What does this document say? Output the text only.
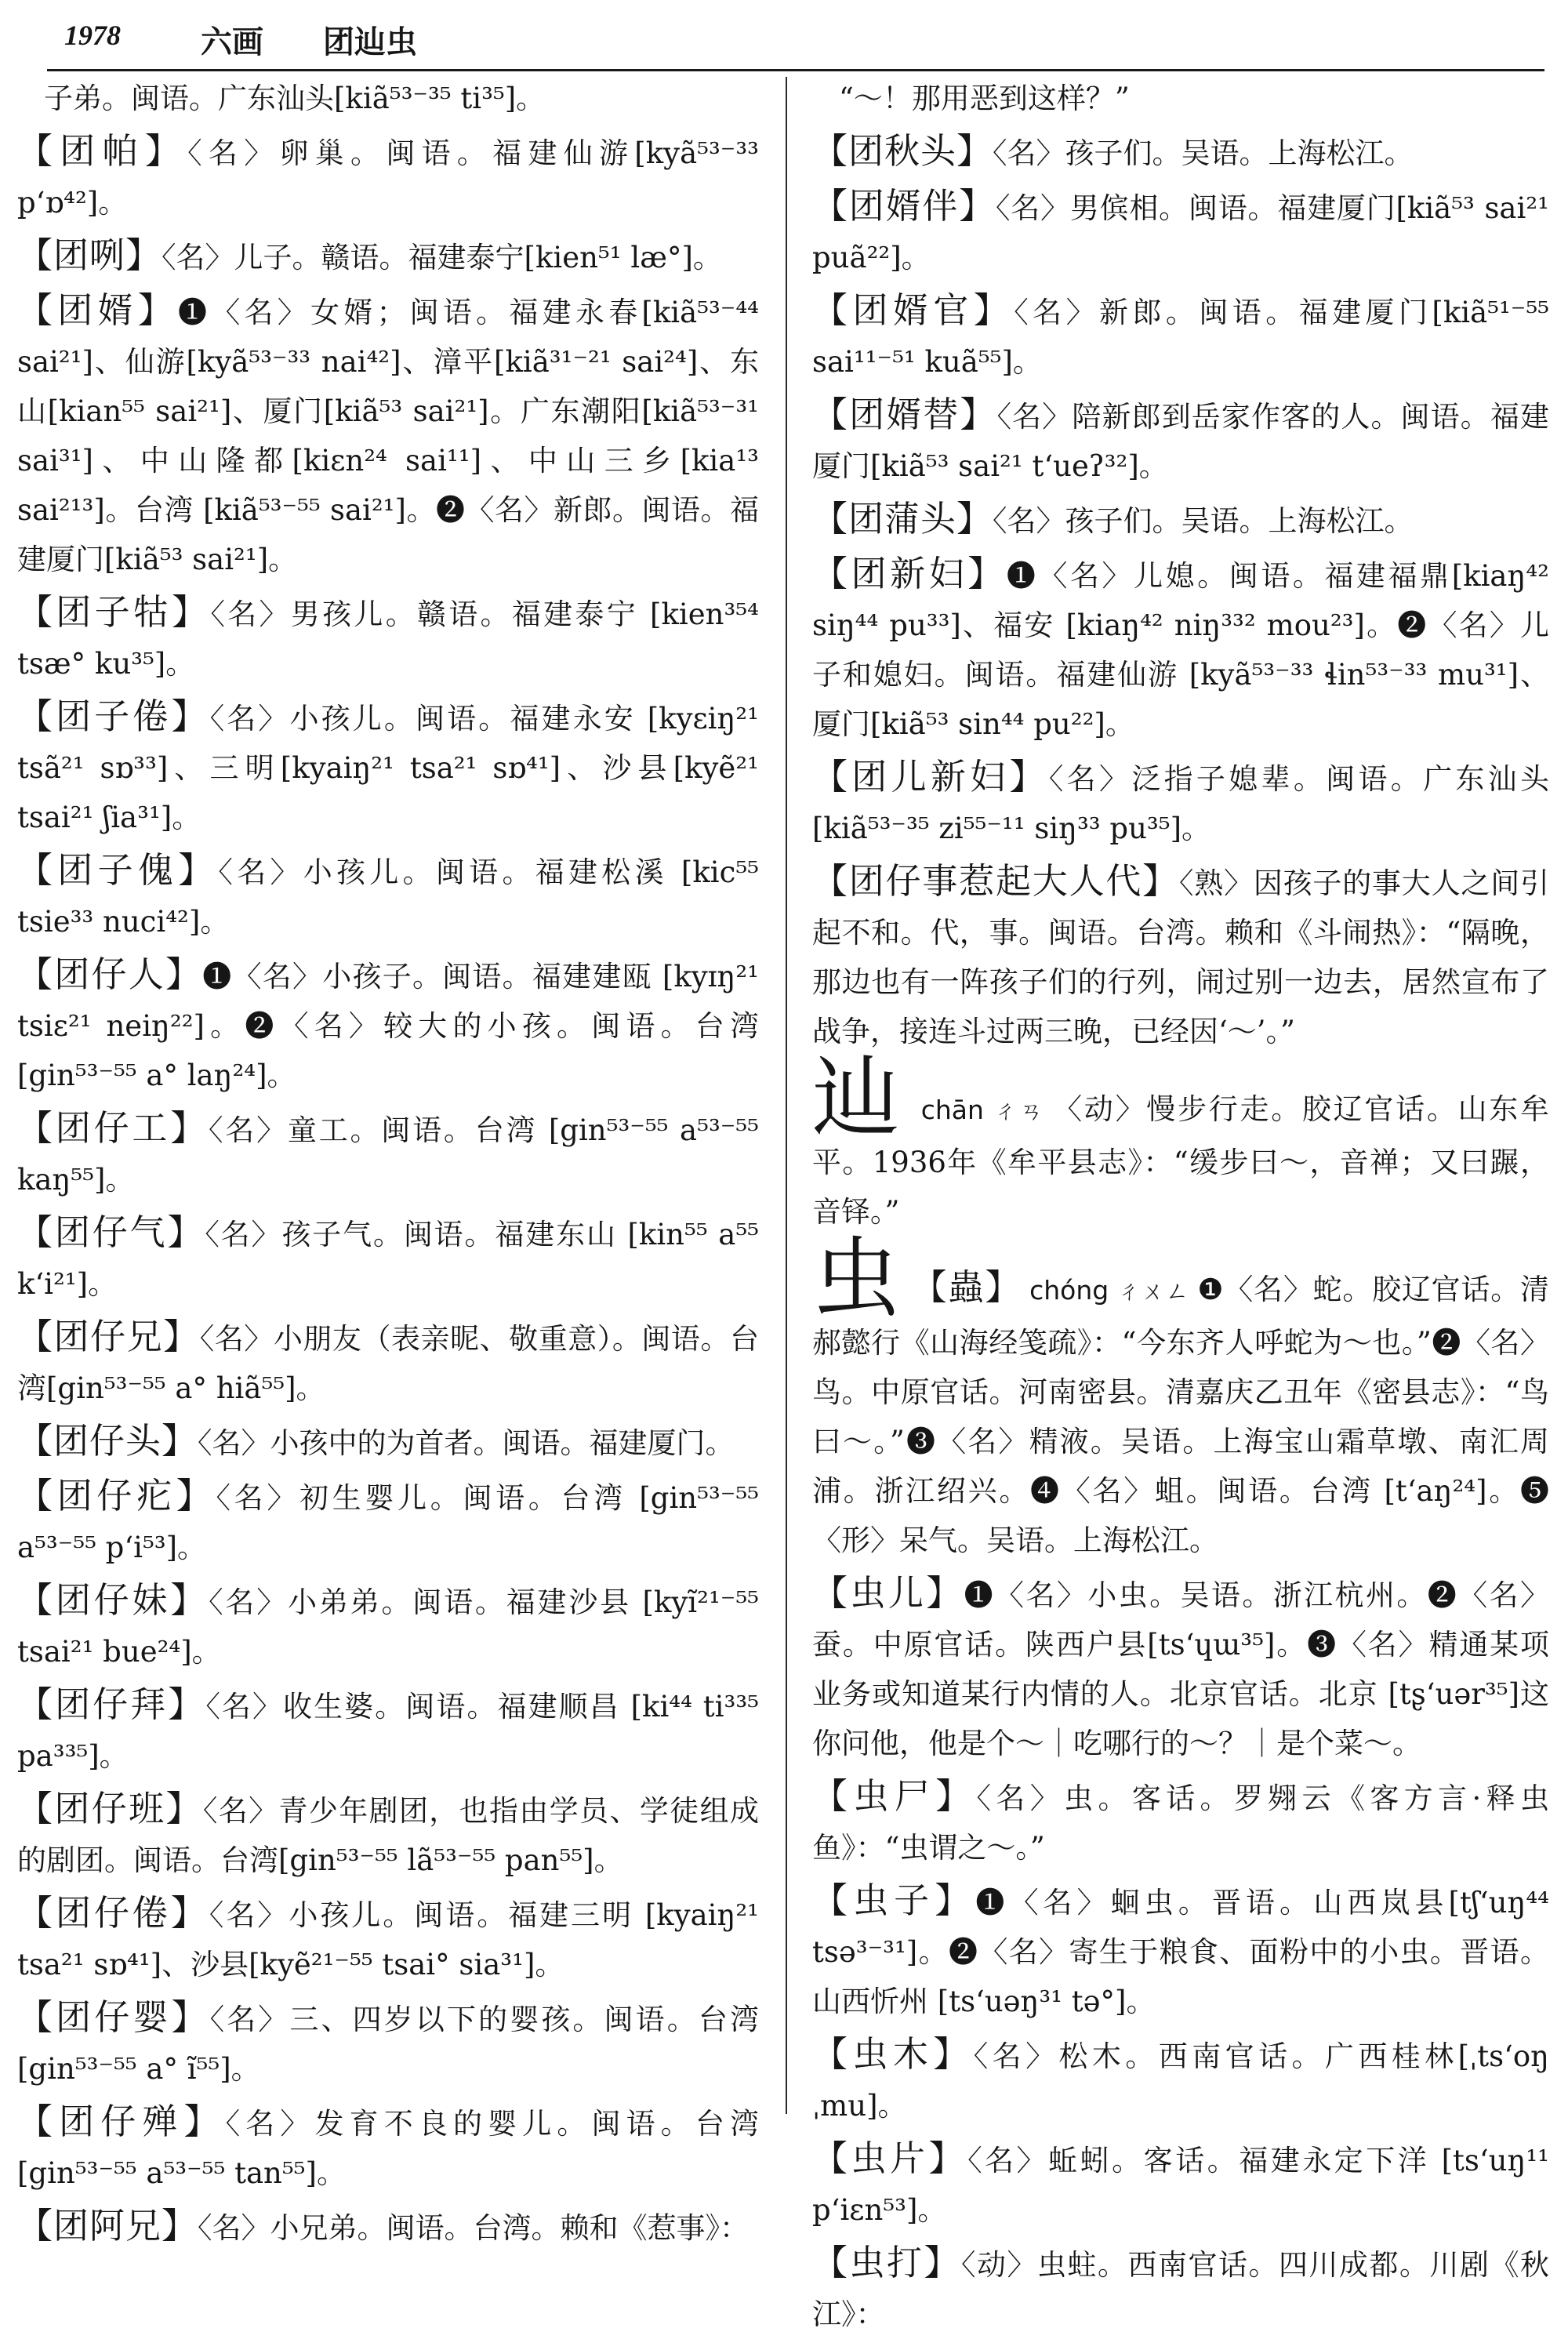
1978	六画 团辿虫
子弟。闽语。广东汕头[kiã⁵³⁻³⁵ ti³⁵]。
【团帕】〈名〉卵巢。闽语。福建仙游[kyã⁵³⁻³³ pʻɒ⁴²]。
【团咧】〈名〉儿子。赣语。福建泰宁[kien⁵¹ læ°]。
【团婿】❶〈名〉女婿；闽语。福建永春[kiã⁵³⁻⁴⁴ sai²¹]、仙游[kyã⁵³⁻³³ nai⁴²]、漳平[kiã³¹⁻²¹ sai²⁴]、东山[kian⁵⁵ sai²¹]、厦门[kiã⁵³ sai²¹]。广东潮阳[kiã⁵³⁻³¹ sai³¹]、中山隆都[kiɛn²⁴ sai¹¹]、中山三乡[kia¹³ sai²¹³]。台湾 [kiã⁵³⁻⁵⁵ sai²¹]。❷〈名〉新郎。闽语。福建厦门[kiã⁵³ sai²¹]。
【团子牯】〈名〉男孩儿。赣语。福建泰宁 [kien³⁵⁴ tsæ° ku³⁵]。
【团子倦】〈名〉小孩儿。闽语。福建永安 [kyɛiŋ²¹ tsã²¹ sɒ³³]、三明[kyaiŋ²¹ tsa²¹ sɒ⁴¹]、沙县[kyẽ²¹ tsai²¹ ʃia³¹]。
【团子傀】〈名〉小孩儿。闽语。福建松溪 [kic⁵⁵ tsie³³ nuci⁴²]。
【团仔人】❶〈名〉小孩子。闽语。福建建瓯 [kyɪŋ²¹ tsiɛ²¹ neiŋ²²]。❷〈名〉较大的小孩。闽语。台湾 [gin⁵³⁻⁵⁵ a° laŋ²⁴]。
【团仔工】〈名〉童工。闽语。台湾 [gin⁵³⁻⁵⁵ a⁵³⁻⁵⁵ kaŋ⁵⁵]。
【团仔气】〈名〉孩子气。闽语。福建东山 [kin⁵⁵ a⁵⁵ kʻi²¹]。
【团仔兄】〈名〉小朋友（表亲昵、敬重意）。闽语。台湾[gin⁵³⁻⁵⁵ a° hiã⁵⁵]。
【团仔头】〈名〉小孩中的为首者。闽语。福建厦门。
【团仔疕】〈名〉初生婴儿。闽语。台湾 [gin⁵³⁻⁵⁵ a⁵³⁻⁵⁵ pʻi⁵³]。
【团仔妹】〈名〉小弟弟。闽语。福建沙县 [kyĩ²¹⁻⁵⁵ tsai²¹ bue²⁴]。
【团仔拜】〈名〉收生婆。闽语。福建顺昌 [ki⁴⁴ ti³³⁵ pa³³⁵]。
【团仔班】〈名〉青少年剧团，也指由学员、学徒组成的剧团。闽语。台湾[gin⁵³⁻⁵⁵ lã⁵³⁻⁵⁵ pan⁵⁵]。
【团仔倦】〈名〉小孩儿。闽语。福建三明 [kyaiŋ²¹ tsa²¹ sɒ⁴¹]、沙县[kyẽ²¹⁻⁵⁵ tsai° sia³¹]。
【团仔婴】〈名〉三、四岁以下的婴孩。闽语。台湾 [gin⁵³⁻⁵⁵ a° ĩ⁵⁵]。
【团仔殚】〈名〉发育不良的婴儿。闽语。台湾 [gin⁵³⁻⁵⁵ a⁵³⁻⁵⁵ tan⁵⁵]。
【团阿兄】〈名〉小兄弟。闽语。台湾。赖和《惹事》：
“～！那用恶到这样？”
【团秋头】〈名〉孩子们。吴语。上海松江。
【团婿伴】〈名〉男傧相。闽语。福建厦门[kiã⁵³ sai²¹ puã²²]。
【团婿官】〈名〉新郎。闽语。福建厦门[kiã⁵¹⁻⁵⁵ sai¹¹⁻⁵¹ kuã⁵⁵]。
【团婿替】〈名〉陪新郎到岳家作客的人。闽语。福建厦门[kiã⁵³ sai²¹ tʻueʔ³²]。
【团蒲头】〈名〉孩子们。吴语。上海松江。
【团新妇】❶〈名〉儿媳。闽语。福建福鼎[kiaŋ⁴² siŋ⁴⁴ pu³³]、福安 [kiaŋ⁴² niŋ³³² mou²³]。❷〈名〉儿子和媳妇。闽语。福建仙游 [kyã⁵³⁻³³ ɬin⁵³⁻³³ mu³¹]、厦门[kiã⁵³ sin⁴⁴ pu²²]。
【团儿新妇】〈名〉泛指子媳辈。闽语。广东汕头 [kiã⁵³⁻³⁵ zi⁵⁵⁻¹¹ siŋ³³ pu³⁵]。
【团仔事惹起大人代】〈熟〉因孩子的事大人之间引起不和。代，事。闽语。台湾。赖和《斗闹热》：“隔晚，那边也有一阵孩子们的行列，闹过别一边去，居然宣布了战争，接连斗过两三晚，已经因‘～’。”
辿chān ㄔㄢ 〈动〉慢步行走。胶辽官话。山东牟平。1936年《牟平县志》：“缓步曰～，音禅；又曰蹍，音铎。”
虫 【蟲】 chóng ㄔㄨㄥ ❶〈名〉蛇。胶辽官话。清郝懿行《山海经笺疏》：“今东齐人呼蛇为～也。”❷〈名〉鸟。中原官话。河南密县。清嘉庆乙丑年《密县志》：“鸟曰～。”❸〈名〉精液。吴语。上海宝山霜草墩、南汇周浦。浙江绍兴。❹〈名〉蛆。闽语。台湾 [tʻaŋ²⁴]。❺〈形〉呆气。吴语。上海松江。
【虫儿】❶〈名〉小虫。吴语。浙江杭州。❷〈名〉蚕。中原官话。陕西户县[tsʻɥɯ³⁵]。❸〈名〉精通某项业务或知道某行内情的人。北京官话。北京 [tʂʻuər³⁵]这你问他，他是个～｜吃哪行的～？｜是个菜～。
【虫尸】〈名〉虫。客话。罗翙云《客方言·释虫鱼》：“虫谓之～。”
【虫子】❶〈名〉蛔虫。晋语。山西岚县[tʃʻuŋ⁴⁴ tsə³⁻³¹]。❷〈名〉寄生于粮食、面粉中的小虫。晋语。山西忻州 [tsʻuəŋ³¹ tə°]。
【虫木】〈名〉松木。西南官话。广西桂林[ˌtsʻoŋ ˌmu]。
【虫片】〈名〉蚯蚓。客话。福建永定下洋 [tsʻuŋ¹¹ pʻiɛn⁵³]。
【虫打】〈动〉虫蛀。西南官话。四川成都。川剧《秋江》：
